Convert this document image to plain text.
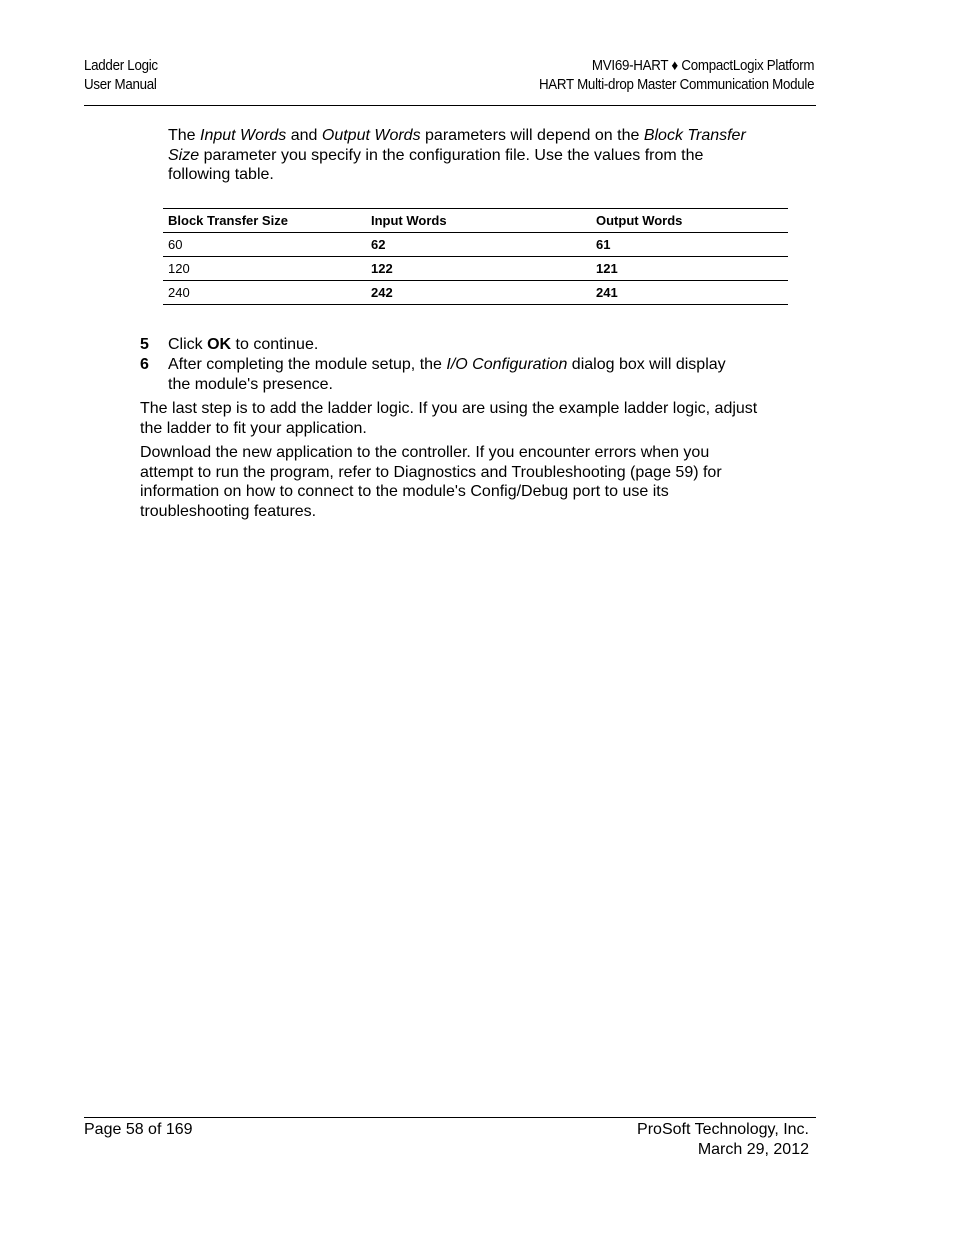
Ladder Logic
User Manual
MVI69-HART ♦ CompactLogix Platform
HART Multi-drop Master Communication Module
The Input Words and Output Words parameters will depend on the Block Transfer Size parameter you specify in the configuration file. Use the values from the following table.
Block Transfer Size	Input Words	Output Words
60	62	61
120	122	121
240	242	241
5 Click OK to continue.
6 After completing the module setup, the I/O Configuration dialog box will display the module's presence.
The last step is to add the ladder logic. If you are using the example ladder logic, adjust the ladder to fit your application.
Download the new application to the controller. If you encounter errors when you attempt to run the program, refer to Diagnostics and Troubleshooting (page 59) for information on how to connect to the module's Config/Debug port to use its troubleshooting features.
Page 58 of 169	ProSoft Technology, Inc.
March 29, 2012
